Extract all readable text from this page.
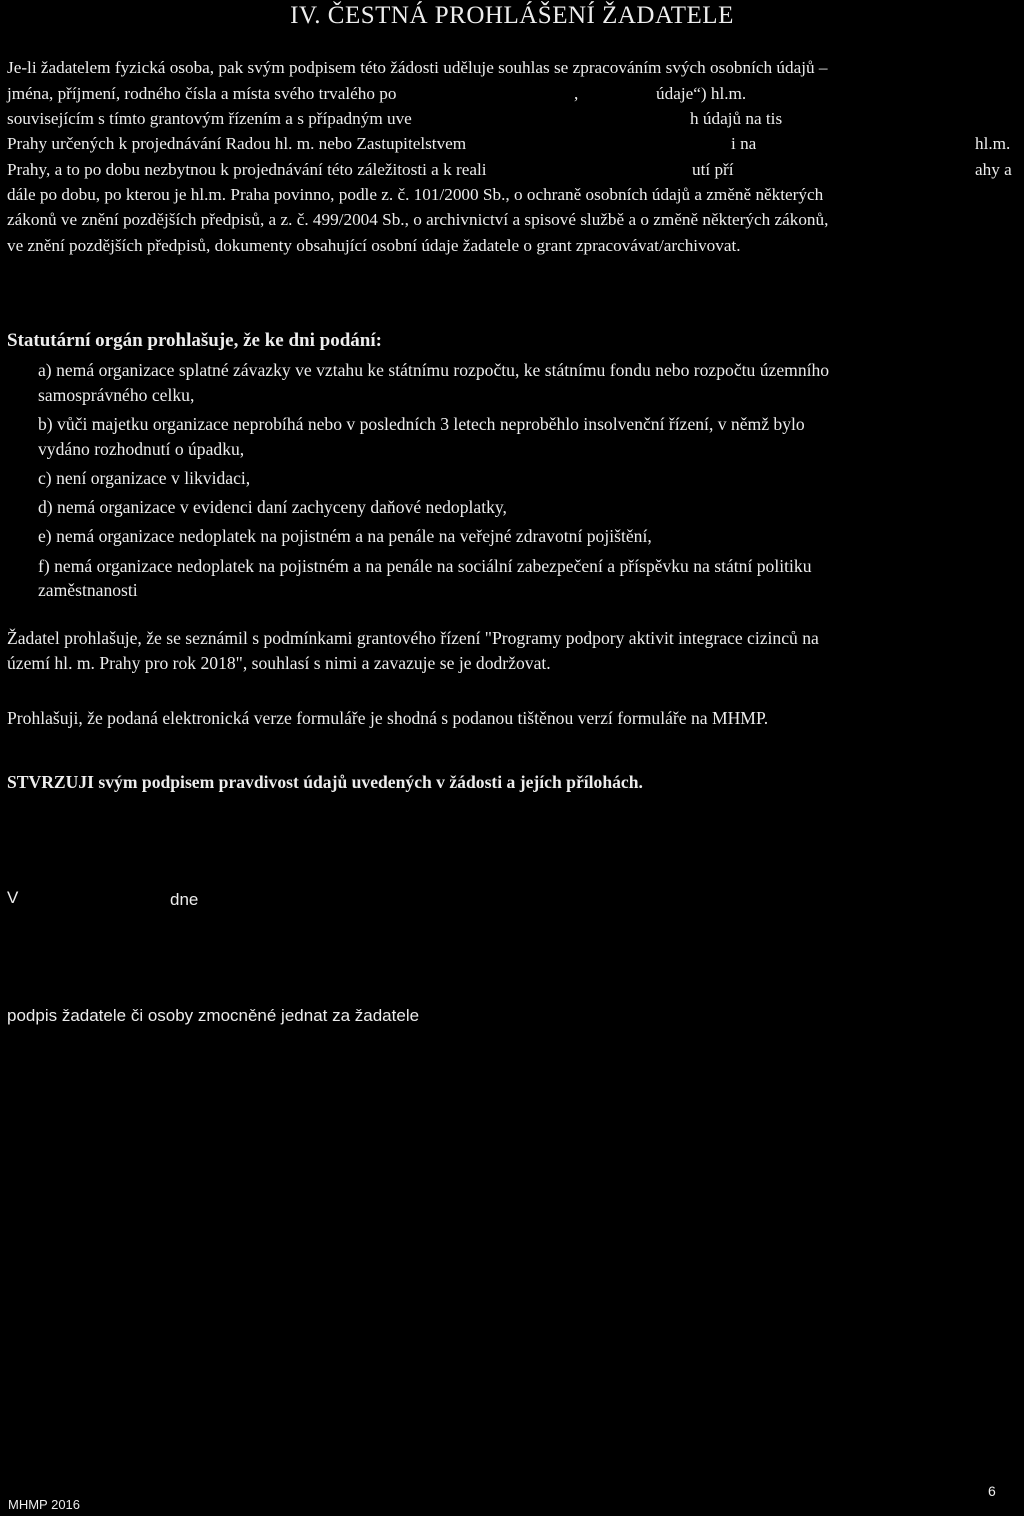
IV. ČESTNÁ PROHLÁŠENÍ ŽADATELE
Je-li žadatelem fyzická osoba, pak svým podpisem této žádosti uděluje souhlas se zpracováním svých osobních údajů –
jména, příjmení, rodného čísla a místa svého trvalého po	,	údaje“) hl.m.
souvisejícím s tímto grantovým řízením a s případným uve	h údajů na tis
Prahy určených k projednávání Radou hl. m. nebo Zastupitelstvem	i na	hl.m.
Prahy, a to po dobu nezbytnou k projednávání této záležitosti a k reali	utí pří	ahy a
dále po dobu, po kterou je hl.m. Praha povinno, podle z. č. 101/2000 Sb., o ochraně osobních údajů a změně některých
zákonů ve znění pozdějších předpisů, a z. č. 499/2004 Sb., o archivnictví a spisové službě a o změně některých zákonů,
ve znění pozdějších předpisů, dokumenty obsahující osobní údaje žadatele o grant zpracovávat/archivovat.
Statutární orgán prohlašuje, že ke dni podání:
a) nemá organizace splatné závazky ve vztahu ke státnímu rozpočtu, ke státnímu fondu nebo rozpočtu územního
samosprávného celku,
b) vůči majetku organizace neprobíhá nebo v posledních 3 letech neproběhlo insolvenční řízení, v němž bylo
vydáno rozhodnutí o úpadku,
c) není organizace v likvidaci,
d) nemá organizace v evidenci daní zachyceny daňové nedoplatky,
e) nemá organizace nedoplatek na pojistném a na penále na veřejné zdravotní pojištění,
f) nemá organizace nedoplatek na pojistném a na penále na sociální zabezpečení a příspěvku na státní politiku
zaměstnanosti
Žadatel prohlašuje, že se seznámil s podmínkami grantového řízení "Programy podpory aktivit integrace cizinců na
území hl. m. Prahy pro rok 2018", souhlasí s nimi a zavazuje se je dodržovat.
Prohlašuji, že podaná elektronická verze formuláře je shodná s podanou tištěnou verzí formuláře na MHMP.
STVRZUJI svým podpisem pravdivost údajů uvedených v žádosti a jejích přílohách.
V	dne
podpis žadatele či osoby zmocněné jednat za žadatele
MHMP 2016
6
